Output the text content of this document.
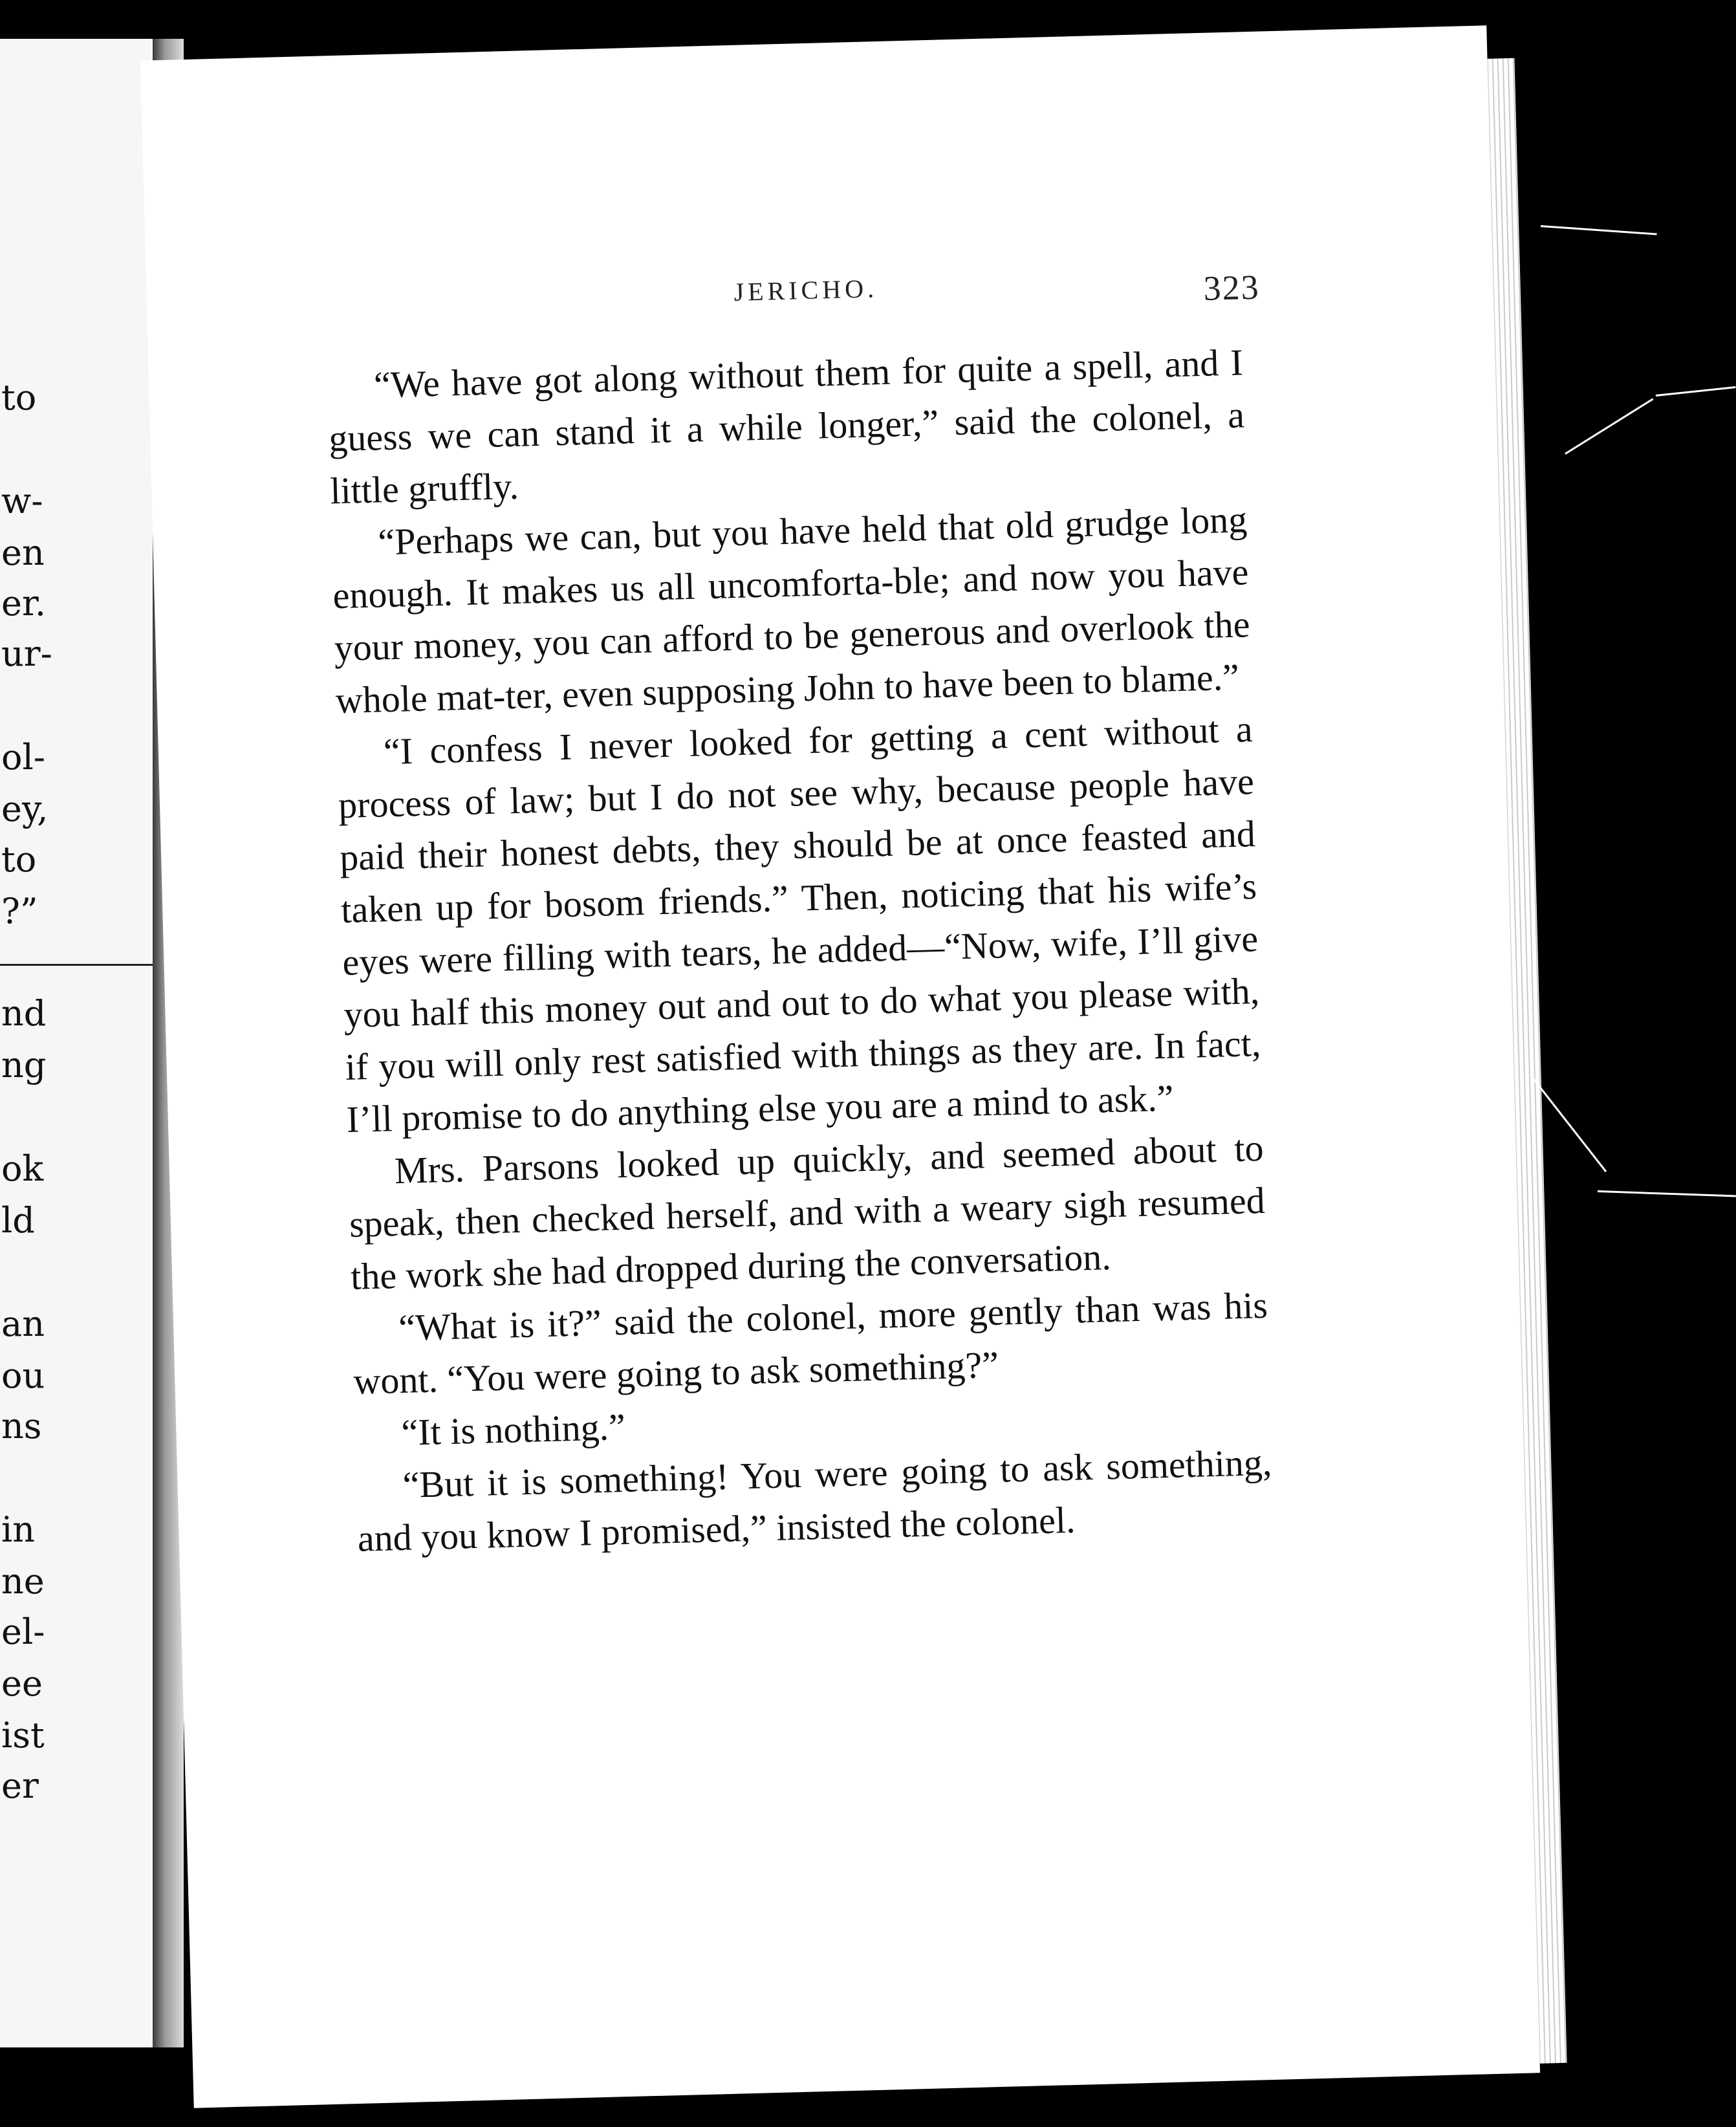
to
w-
en
er.
ur-
ol-
ey,
to
?”
nd
ng
ok
ld
an
ou
ns
in
ne
el-
ee
ist
er
JERICHO.	323

“We have got along without them for quite a spell, and I guess we can stand it a while longer,” said the colonel, a little gruffly.

“Perhaps we can, but you have held that old grudge long enough. It makes us all uncomforta-ble; and now you have your money, you can afford to be generous and overlook the whole mat-ter, even supposing John to have been to blame.”

“I confess I never looked for getting a cent without a process of law; but I do not see why, because people have paid their honest debts, they should be at once feasted and taken up for bosom friends.” Then, noticing that his wife’s eyes were filling with tears, he added—“Now, wife, I’ll give you half this money out and out to do what you please with, if you will only rest satisfied with things as they are. In fact, I’ll promise to do anything else you are a mind to ask.”

Mrs. Parsons looked up quickly, and seemed about to speak, then checked herself, and with a weary sigh resumed the work she had dropped during the conversation.

“What is it?” said the colonel, more gently than was his wont. “You were going to ask something?”

“It is nothing.”

“But it is something! You were going to ask something, and you know I promised,” insisted the colonel.
